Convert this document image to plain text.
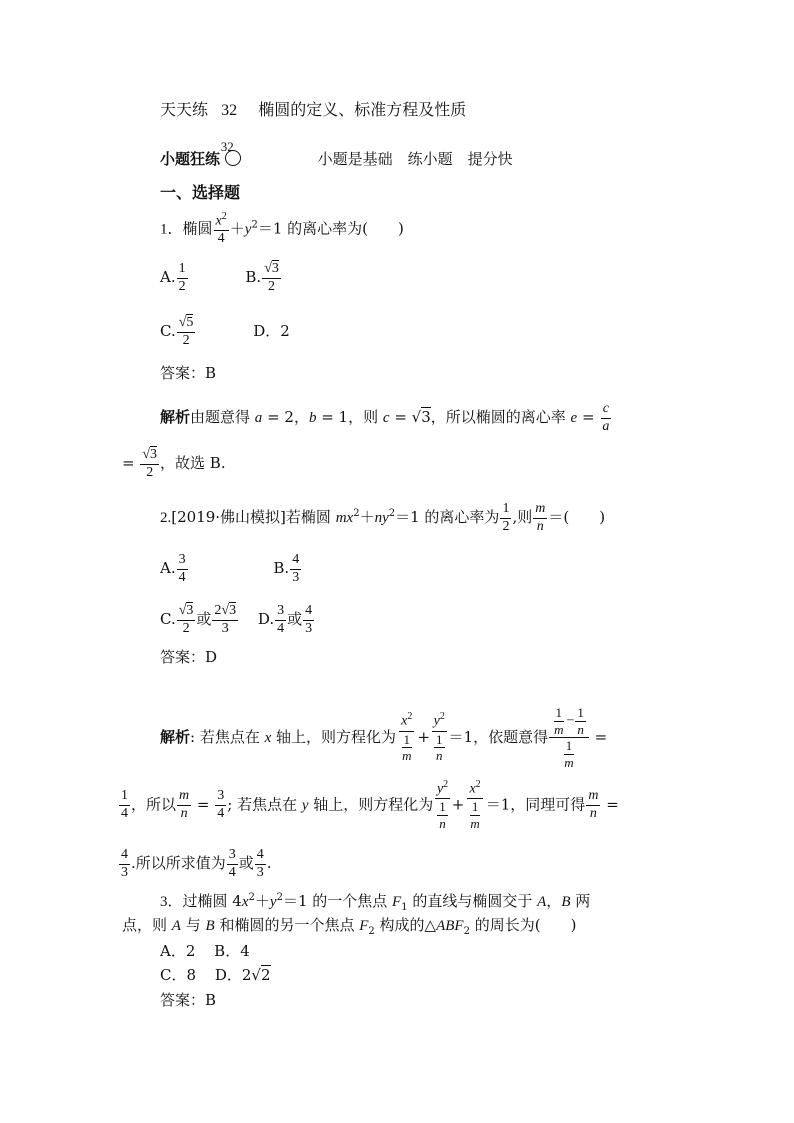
天天练 32 椭圆的定义、标准方程及性质
小题狂练
32
小题是基础　练小题　提分快
一、选择题
1．椭圆 $\frac{x^2}{4} +y^2=1$ 的离心率为(　　)
A. $\frac{1}{2}$	B. $\frac{√3}{2}$
C. $\frac{√5}{2}$	D．2
答案：B
解析由题意得 a = 2，b = 1，则 c = √3，所以椭圆的离心率 $e = \frac{c}{a}$
= $\frac{√3}{2}$ ，故选 B.
2.[2019·佛山模拟]若椭圆 $mx^2+ny^2=1$ 的离心率为 $\frac{1}{2}$ ,则 $\frac{m}{n}$ ＝(　　)
A. $\frac{3}{4}$	B. $\frac{4}{3}$
C. $\frac{√3}{2}$ 或 $\frac{2√3}{3} D$. $\frac{3}{4}$ 或 $\frac{4}{3}$
答案：D
解析: 若焦点在 x 轴上，则方程化为 $\frac{x^2}{\frac{1}{m}} + \frac{y^2}{\frac{1}{n}} =1$，依题意得 $\frac{\frac{1}{m} - \frac{1}{n}}{\frac{1}{m}}$ =
$\frac{1}{4}$ ，所以 $\frac{m}{n} = \frac{3}{4}$ ; 若焦点在 y 轴上，则方程化为 $\frac{y^2}{\frac{1}{n}} + \frac{x^2}{\frac{1}{m}} =1$，同理可得 $\frac{m}{n}$ =
$\frac{4}{3}$ .所以所求值为 $\frac{3}{4}$ 或 $\frac{4}{3}$ .
3．过椭圆 $4x^2+y^2=1$ 的一个焦点 $F_1$ 的直线与椭圆交于 A，B 两
点，则 A 与 B 和椭圆的另一个焦点 $F_2$ 构成的$\triangle ABF_2$ 的周长为(　　)
A．2 B．4
C．8 D．2√2
答案：B
